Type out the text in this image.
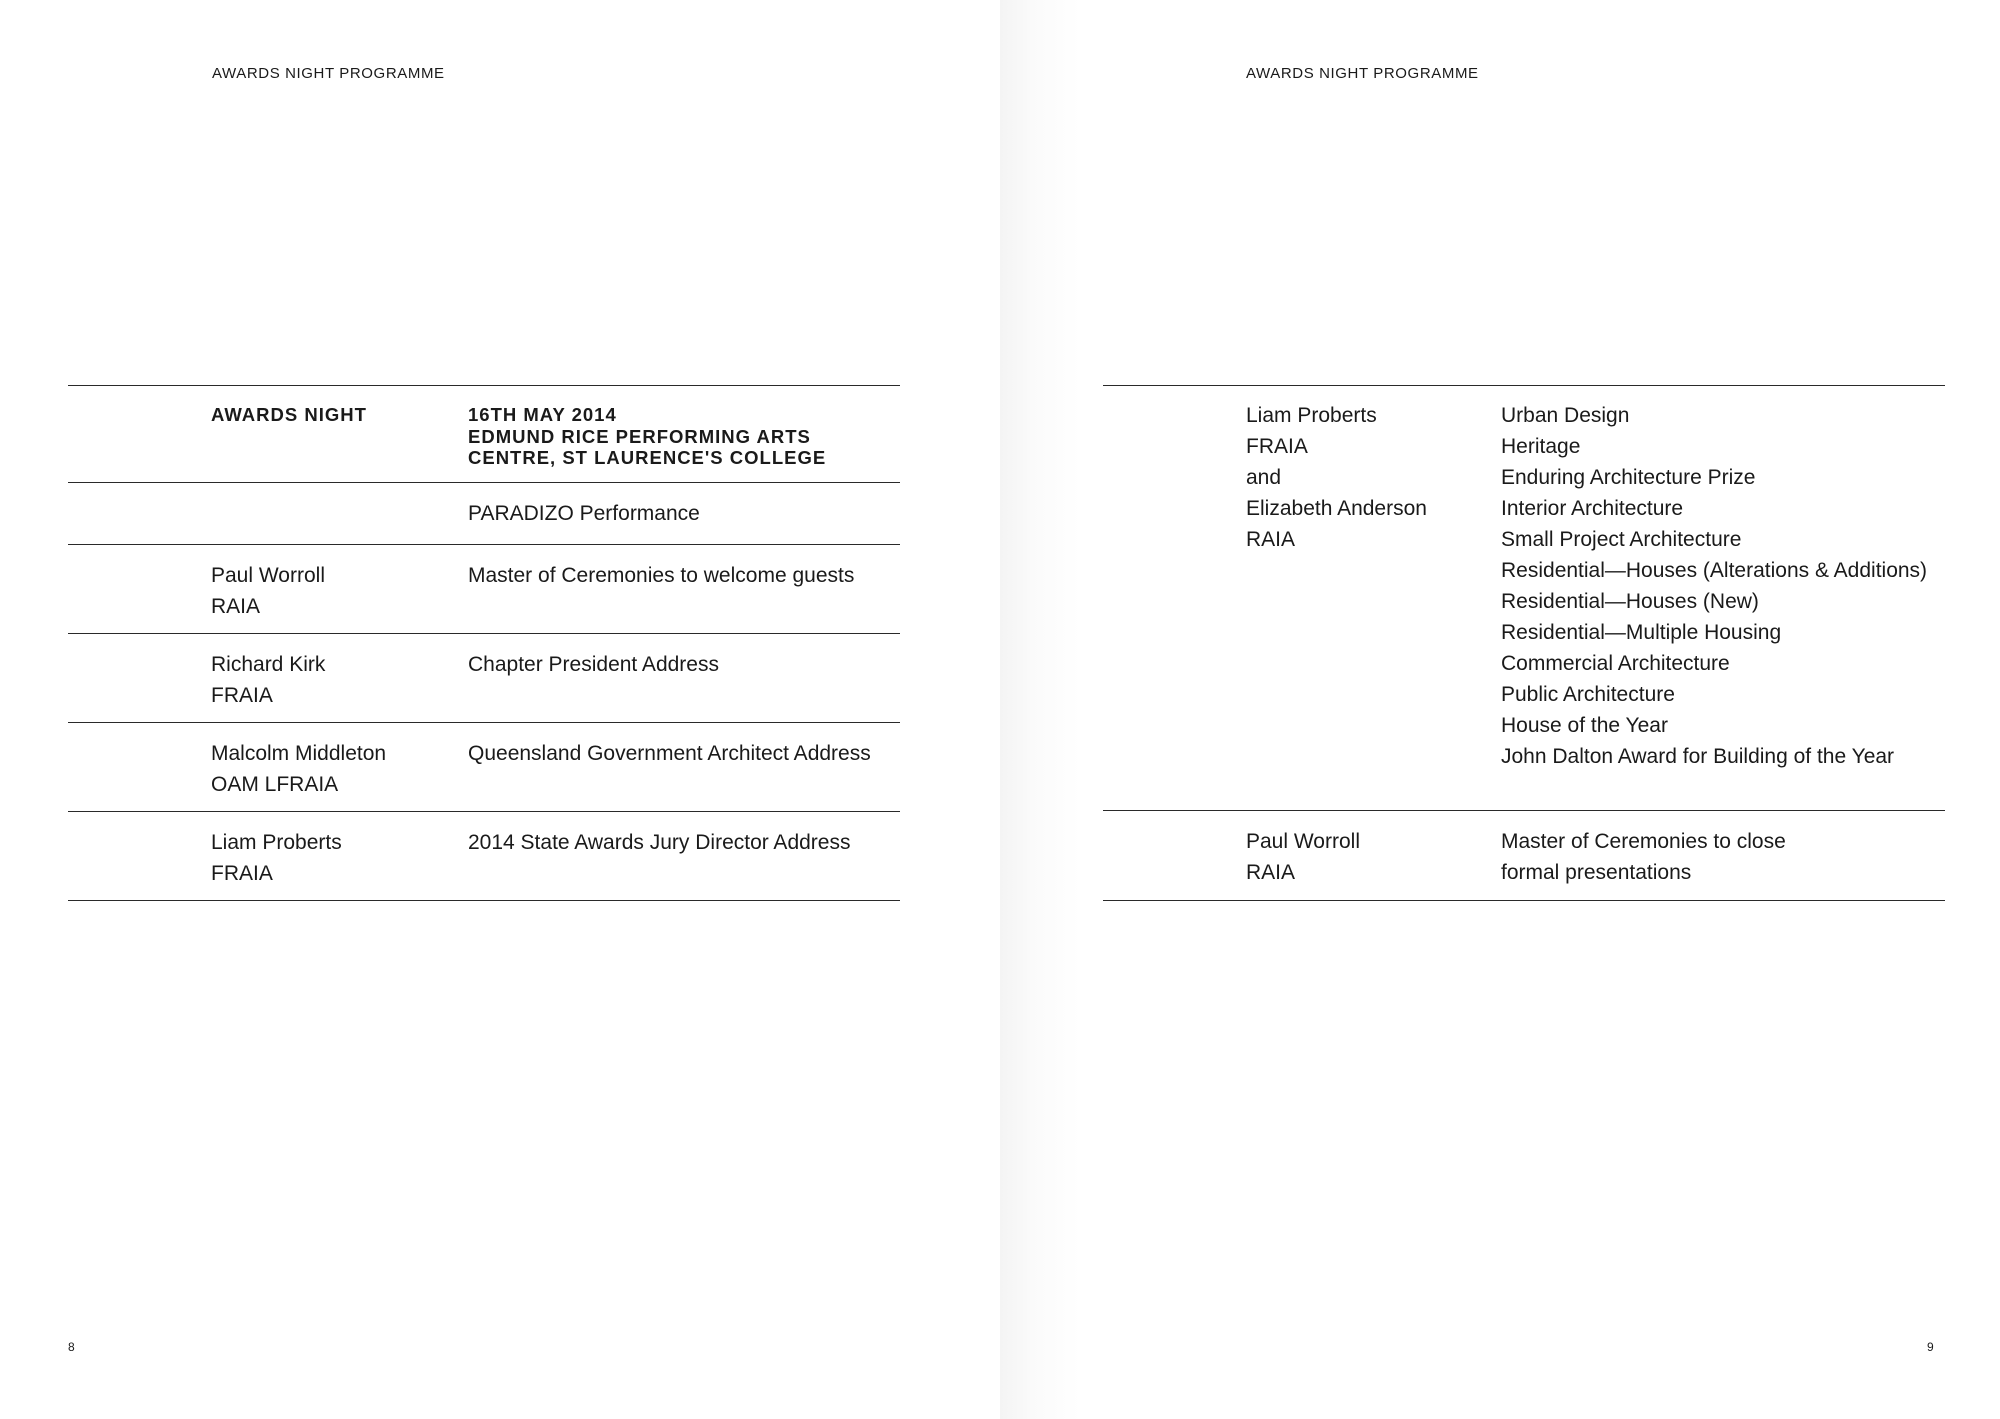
AWARDS NIGHT PROGRAMME
AWARDS NIGHT	16TH MAY 2014
EDMUND RICE PERFORMING ARTS
CENTRE, ST LAURENCE'S COLLEGE
PARADIZO Performance
Paul Worroll
RAIA
Master of Ceremonies to welcome guests
Richard Kirk
FRAIA
Chapter President Address
Malcolm Middleton
OAM LFRAIA
Queensland Government Architect Address
Liam Proberts
FRAIA
2014 State Awards Jury Director Address
8
AWARDS NIGHT PROGRAMME
Liam Proberts
FRAIA
and
Elizabeth Anderson
RAIA
Urban Design
Heritage
Enduring Architecture Prize
Interior Architecture
Small Project Architecture
Residential—Houses (Alterations & Additions)
Residential—Houses (New)
Residential—Multiple Housing
Commercial Architecture
Public Architecture
House of the Year
John Dalton Award for Building of the Year
Paul Worroll
RAIA
Master of Ceremonies to close
formal presentations
9
